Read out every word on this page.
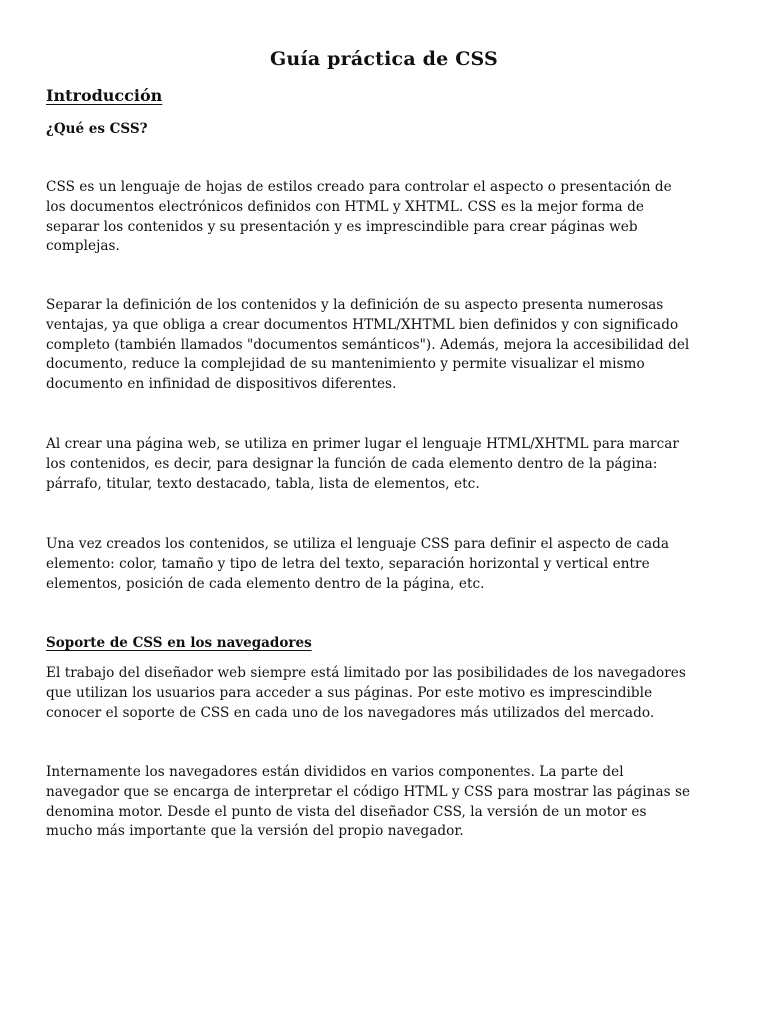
Guía práctica de CSS
Introducción
¿Qué es CSS?

CSS es un lenguaje de hojas de estilos creado para controlar el aspecto o presentación de
los documentos electrónicos definidos con HTML y XHTML. CSS es la mejor forma de
separar los contenidos y su presentación y es imprescindible para crear páginas web
complejas.

Separar la definición de los contenidos y la definición de su aspecto presenta numerosas
ventajas, ya que obliga a crear documentos HTML/XHTML bien definidos y con significado
completo (también llamados "documentos semánticos"). Además, mejora la accesibilidad del
documento, reduce la complejidad de su mantenimiento y permite visualizar el mismo
documento en infinidad de dispositivos diferentes.

Al crear una página web, se utiliza en primer lugar el lenguaje HTML/XHTML para marcar
los contenidos, es decir, para designar la función de cada elemento dentro de la página:
párrafo, titular, texto destacado, tabla, lista de elementos, etc.

Una vez creados los contenidos, se utiliza el lenguaje CSS para definir el aspecto de cada
elemento: color, tamaño y tipo de letra del texto, separación horizontal y vertical entre
elementos, posición de cada elemento dentro de la página, etc.

Soporte de CSS en los navegadores

El trabajo del diseñador web siempre está limitado por las posibilidades de los navegadores
que utilizan los usuarios para acceder a sus páginas. Por este motivo es imprescindible
conocer el soporte de CSS en cada uno de los navegadores más utilizados del mercado.

Internamente los navegadores están divididos en varios componentes. La parte del
navegador que se encarga de interpretar el código HTML y CSS para mostrar las páginas se
denomina motor. Desde el punto de vista del diseñador CSS, la versión de un motor es
mucho más importante que la versión del propio navegador.
